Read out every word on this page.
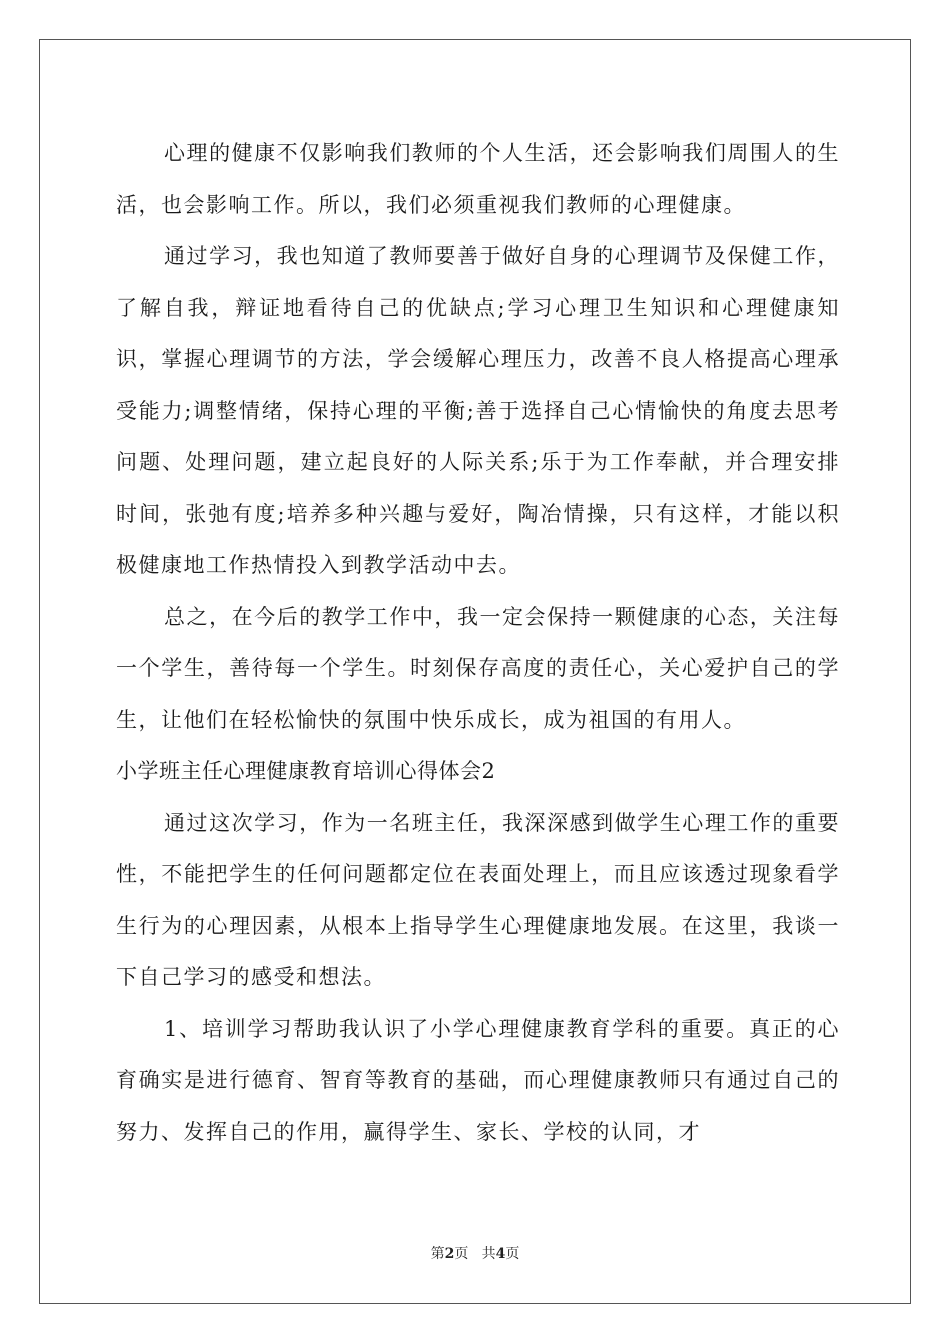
心理的健康不仅影响我们教师的个人生活，还会影响我们周围人的生活，也会影响工作。所以，我们必须重视我们教师的心理健康。

通过学习，我也知道了教师要善于做好自身的心理调节及保健工作，了解自我，辩证地看待自己的优缺点;学习心理卫生知识和心理健康知识，掌握心理调节的方法，学会缓解心理压力，改善不良人格提高心理承受能力;调整情绪，保持心理的平衡;善于选择自己心情愉快的角度去思考问题、处理问题，建立起良好的人际关系;乐于为工作奉献，并合理安排时间，张弛有度;培养多种兴趣与爱好，陶冶情操，只有这样，才能以积极健康地工作热情投入到教学活动中去。

总之，在今后的教学工作中，我一定会保持一颗健康的心态，关注每一个学生，善待每一个学生。时刻保存高度的责任心，关心爱护自己的学生，让他们在轻松愉快的氛围中快乐成长，成为祖国的有用人。

小学班主任心理健康教育培训心得体会2

通过这次学习，作为一名班主任，我深深感到做学生心理工作的重要性，不能把学生的任何问题都定位在表面处理上，而且应该透过现象看学生行为的心理因素，从根本上指导学生心理健康地发展。在这里，我谈一下自己学习的感受和想法。

1、培训学习帮助我认识了小学心理健康教育学科的重要。真正的心育确实是进行德育、智育等教育的基础，而心理健康教师只有通过自己的努力、发挥自己的作用，赢得学生、家长、学校的认同，才

第2页 共4页
